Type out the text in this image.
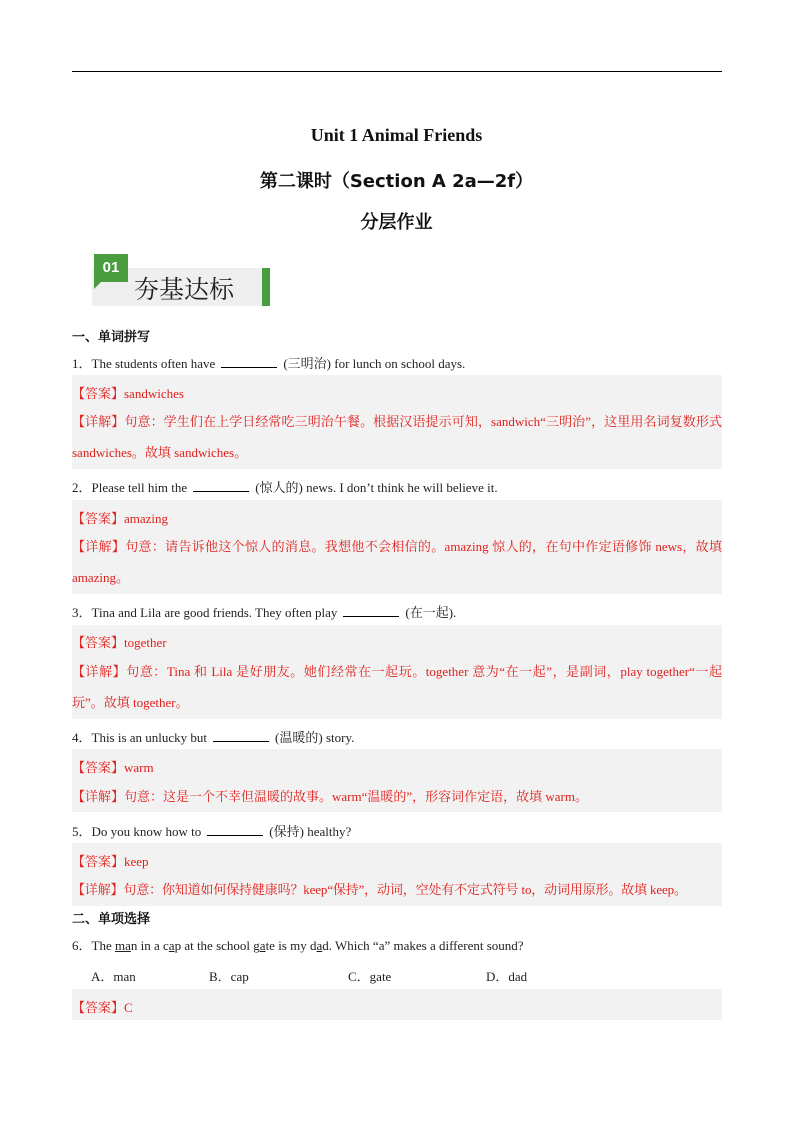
Unit 1 Animal Friends
第二课时（Section A 2a—2f）
分层作业
01
夯基达标
一、单词拼写
1．The students often have	(三明治) for lunch on school days.
【答案】sandwiches
【详解】句意：学生们在上学日经常吃三明治午餐。根据汉语提示可知，sandwich“三明治”，这里用名词复数形式 sandwiches。故填 sandwiches。
2．Please tell him the	(惊人的) news. I don’t think he will believe it.
【答案】amazing
【详解】句意：请告诉他这个惊人的消息。我想他不会相信的。amazing 惊人的，在句中作定语修饰 news，故填 amazing。
3．Tina and Lila are good friends. They often play	(在一起).
【答案】together
【详解】句意：Tina 和 Lila 是好朋友。她们经常在一起玩。together 意为“在一起”，是副词，play together“一起玩”。故填 together。
4．This is an unlucky but	(温暖的) story.
【答案】warm
【详解】句意：这是一个不幸但温暖的故事。warm“温暖的”，形容词作定语，故填 warm。
5．Do you know how to	(保持) healthy?
【答案】keep
【详解】句意：你知道如何保持健康吗？keep“保持”，动词，空处有不定式符号 to，动词用原形。故填 keep。
二、单项选择
6．The man in a cap at the school gate is my dad. Which “a” makes a different sound?
A．man	B．cap	C．gate	D．dad
【答案】C
